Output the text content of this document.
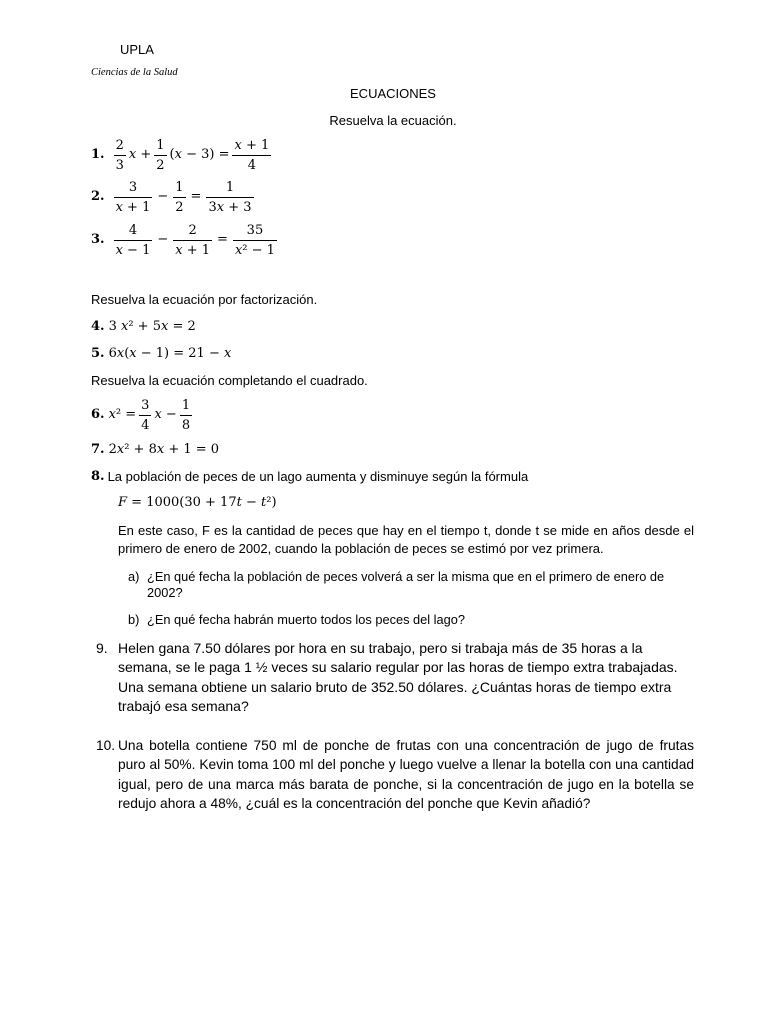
UPLA
Ciencias de la Salud
ECUACIONES
Resuelva la ecuación.
1. $\frac{2}{3}$ $x + \frac{1}{2} (x - 3) = \frac{x + 1}{4}$
2. $\frac{3}{x + 1} - \frac{1}{2} = \frac{1}{3x + 3}$
3. $\frac{4}{x - 1} - \frac{2}{x + 1} = \frac{35}{\text{x² − 1}}$
Resuelva la ecuación por factorización.
4. 3 x² + 5x = 2
5. 6x(x − 1) = 21 − x
Resuelva la ecuación completando el cuadrado.
6. $x^2 = \frac{3}{4}$ $x - \frac{1}{8}$
7. 2x² + 8x + 1 = 0
8. La población de peces de un lago aumenta y disminuye según la fórmula
F = 1000(30 + 17t − t²)
En este caso, F es la cantidad de peces que hay en el tiempo t, donde t se mide en años desde el
primero de enero de 2002, cuando la población de peces se estimó por vez primera.
a) ¿En qué fecha la población de peces volverá a ser la misma que en el primero de enero de
2002?
b) ¿En qué fecha habrán muerto todos los peces del lago?
9. Helen gana 7.50 dólares por hora en su trabajo, pero si trabaja más de 35 horas a la
semana, se le paga 1 ½ veces su salario regular por las horas de tiempo extra trabajadas.
Una semana obtiene un salario bruto de 352.50 dólares. ¿Cuántas horas de tiempo extra
trabajó esa semana?
10. Una botella contiene 750 ml de ponche de frutas con una concentración de jugo de frutas
puro al 50%. Kevin toma 100 ml del ponche y luego vuelve a llenar la botella con una cantidad
igual, pero de una marca más barata de ponche, si la concentración de jugo en la botella se
redujo ahora a 48%, ¿cuál es la concentración del ponche que Kevin añadió?
